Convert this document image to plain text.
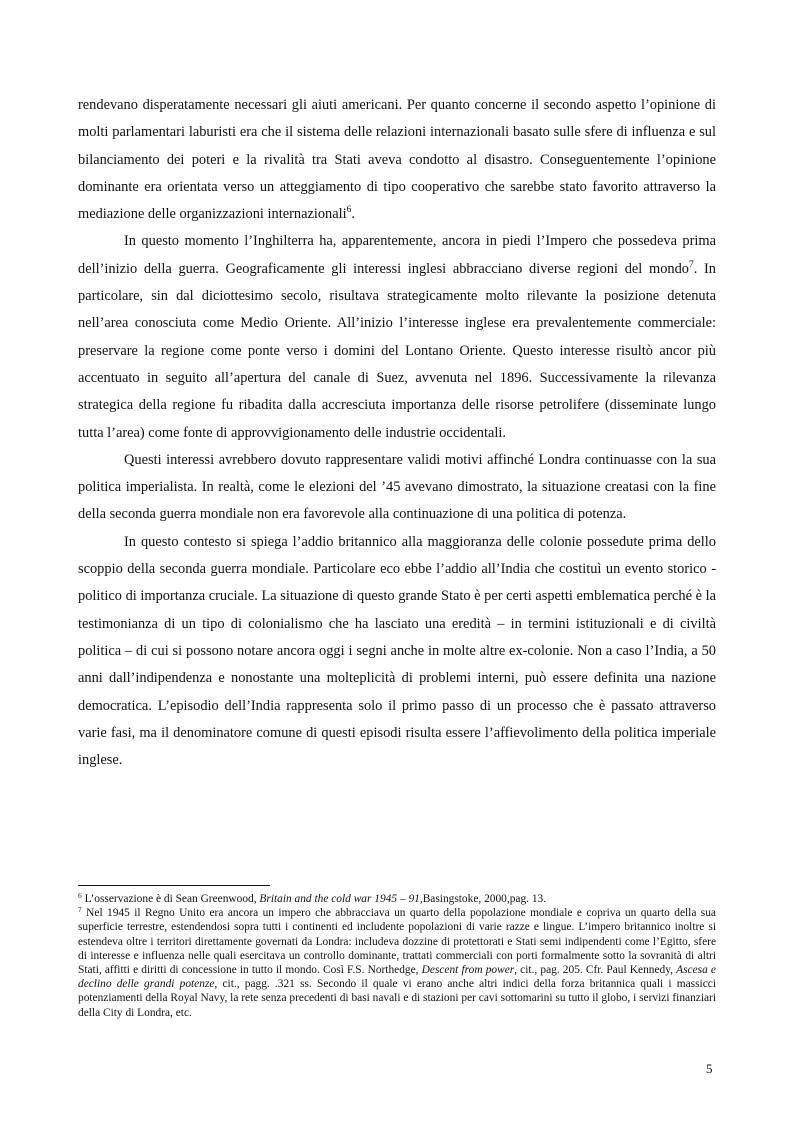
rendevano disperatamente necessari gli aiuti americani. Per quanto concerne il secondo aspetto l’opinione di molti parlamentari laburisti era che il sistema delle relazioni internazionali basato sulle sfere di influenza e sul bilanciamento dei poteri e la rivalità tra Stati aveva condotto al disastro. Conseguentemente l’opinione dominante era orientata verso un atteggiamento di tipo cooperativo che sarebbe stato favorito attraverso la mediazione delle organizzazioni internazionali$^6$.

In questo momento l’Inghilterra ha, apparentemente, ancora in piedi l’Impero che possedeva prima dell’inizio della guerra. Geograficamente gli interessi inglesi abbracciano diverse regioni del mondo$^7$. In particolare, sin dal diciottesimo secolo, risultava strategicamente molto rilevante la posizione detenuta nell’area conosciuta come Medio Oriente. All’inizio l’interesse inglese era prevalentemente commerciale: preservare la regione come ponte verso i domini del Lontano Oriente. Questo interesse risultò ancor più accentuato in seguito all’apertura del canale di Suez, avvenuta nel 1896. Successivamente la rilevanza strategica della regione fu ribadita dalla accresciuta importanza delle risorse petrolifere (disseminate lungo tutta l’area) come fonte di approvvigionamento delle industrie occidentali.

Questi interessi avrebbero dovuto rappresentare validi motivi affinché Londra continuasse con la sua politica imperialista. In realtà, come le elezioni del ’45 avevano dimostrato, la situazione creatasi con la fine della seconda guerra mondiale non era favorevole alla continuazione di una politica di potenza.

In questo contesto si spiega l’addio britannico alla maggioranza delle colonie possedute prima dello scoppio della seconda guerra mondiale. Particolare eco ebbe l’addio all’India che costituì un evento storico - politico di importanza cruciale. La situazione di questo grande Stato è per certi aspetti emblematica perché è la testimonianza di un tipo di colonialismo che ha lasciato una eredità – in termini istituzionali e di civiltà politica – di cui si possono notare ancora oggi i segni anche in molte altre ex-colonie. Non a caso l’India, a 50 anni dall’indipendenza e nonostante una molteplicità di problemi interni, può essere definita una nazione democratica. L’episodio dell’India rappresenta solo il primo passo di un processo che è passato attraverso varie fasi, ma il denominatore comune di questi episodi risulta essere l’affievolimento della politica imperiale inglese.

$^6$ L’osservazione è di Sean Greenwood, Britain and the cold war 1945 – 91,Basingstoke, 2000,pag. 13.

$^7$ Nel 1945 il Regno Unito era ancora un impero che abbracciava un quarto della popolazione mondiale e copriva un quarto della sua superficie terrestre, estendendosi sopra tutti i continenti ed includente popolazioni di varie razze e lingue. L’impero britannico inoltre si estendeva oltre i territori direttamente governati da Londra: includeva dozzine di protettorati e Stati semi indipendenti come l’Egitto, sfere di interesse e influenza nelle quali esercitava un controllo dominante, trattati commerciali con porti formalmente sotto la sovranità di altri Stati, affitti e diritti di concessione in tutto il mondo. Così F.S. Northedge, Descent from power, cit., pag. 205. Cfr. Paul Kennedy, Ascesa e declino delle grandi potenze, cit., pagg. .321 ss. Secondo il quale vi erano anche altri indici della forza britannica quali i massicci potenziamenti della Royal Navy, la rete senza precedenti di basi navali e di stazioni per cavi sottomarini su tutto il globo, i servizi finanziari della City di Londra, etc.

5
